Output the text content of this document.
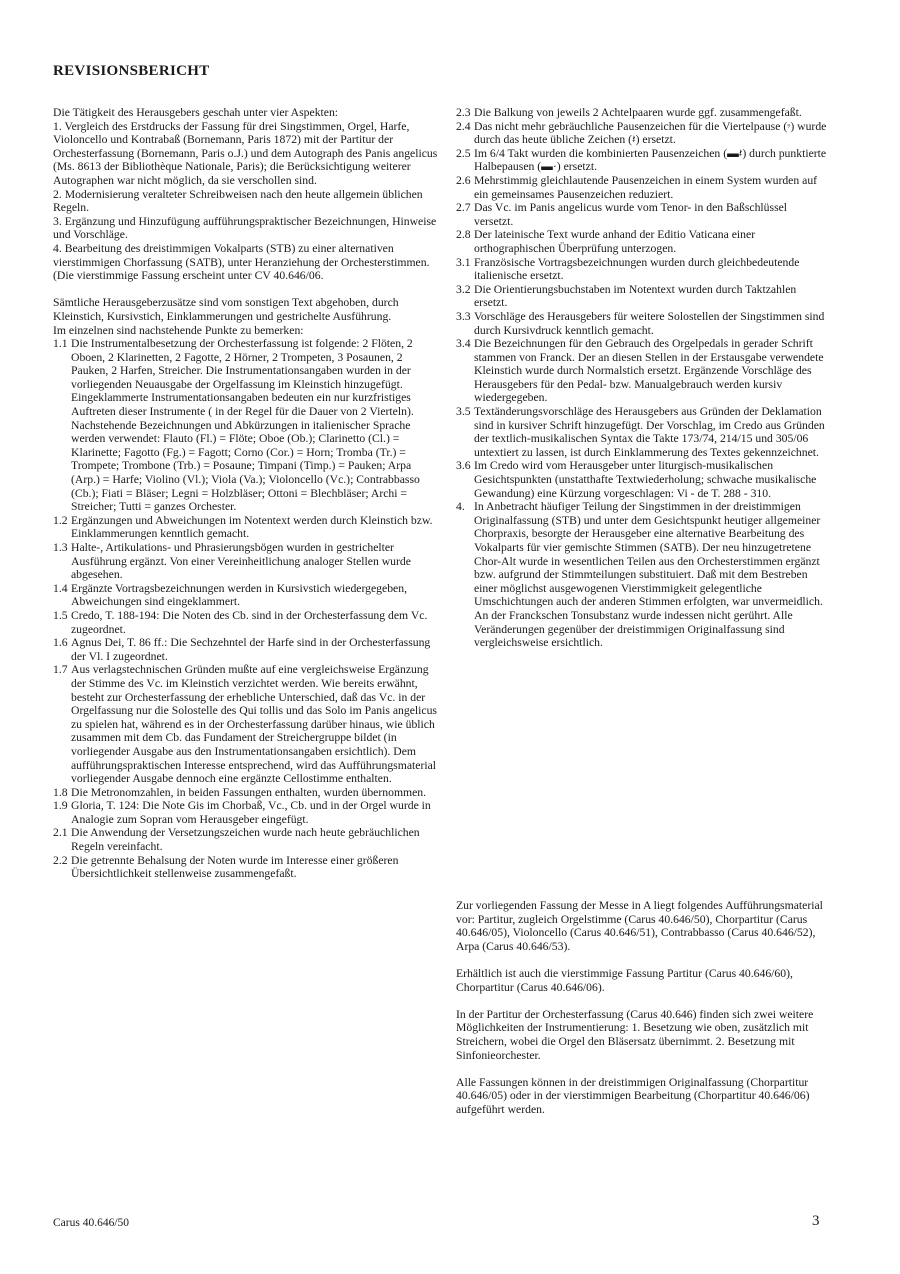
REVISIONSBERICHT

Die Tätigkeit des Herausgebers geschah unter vier Aspekten:

1. Vergleich des Erstdrucks der Fassung für drei Singstimmen, Orgel, Harfe, Violoncello und Kontrabaß (Bornemann, Paris 1872) mit der Partitur der Orchesterfassung (Bornemann, Paris o.J.) und dem Autograph des Panis angelicus (Ms. 8613 der Bibliothèque Nationale, Paris); die Berücksichtigung weiterer Autographen war nicht möglich, da sie verschollen sind.

2. Modernisierung veralteter Schreibweisen nach den heute allgemein üblichen Regeln.

3. Ergänzung und Hinzufügung aufführungspraktischer Bezeichnungen, Hinweise und Vorschläge.

4. Bearbeitung des dreistimmigen Vokalparts (STB) zu einer alternativen vierstimmigen Chorfassung (SATB), unter Heranziehung der Orchesterstimmen. (Die vierstimmige Fassung erscheint unter CV 40.646/06.

Sämtliche Herausgeberzusätze sind vom sonstigen Text abgehoben, durch Kleinstich, Kursivstich, Einklammerungen und gestrichelte Ausführung.

Im einzelnen sind nachstehende Punkte zu bemerken:

1.1 Die Instrumentalbesetzung der Orchesterfassung ist folgende: 2 Flöten, 2 Oboen, 2 Klarinetten, 2 Fagotte, 2 Hörner, 2 Trompeten, 3 Posaunen, 2 Pauken, 2 Harfen, Streicher. Die Instrumentationsangaben wurden in der vorliegenden Neuausgabe der Orgelfassung im Kleinstich hinzugefügt. Eingeklammerte Instrumentationsangaben bedeuten ein nur kurzfristiges Auftreten dieser Instrumente ( in der Regel für die Dauer von 2 Vierteln). Nachstehende Bezeichnungen und Abkürzungen in italienischer Sprache werden verwendet: Flauto (Fl.) = Flöte; Oboe (Ob.); Clarinetto (Cl.) = Klarinette; Fagotto (Fg.) = Fagott; Corno (Cor.) = Horn; Tromba (Tr.) = Trompete; Trombone (Trb.) = Posaune; Timpani (Timp.) = Pauken; Arpa (Arp.) = Harfe; Violino (Vl.); Viola (Va.); Violoncello (Vc.); Contrabbasso (Cb.); Fiati = Bläser; Legni = Holzbläser; Ottoni = Blechbläser; Archi = Streicher; Tutti = ganzes Orchester.
1.2 Ergänzungen und Abweichungen im Notentext werden durch Kleinstich bzw. Einklammerungen kenntlich gemacht.
1.3 Halte-, Artikulations- und Phrasierungsbögen wurden in gestrichelter Ausführung ergänzt. Von einer Vereinheitlichung analoger Stellen wurde abgesehen.
1.4 Ergänzte Vortragsbezeichnungen werden in Kursivstich wiedergegeben, Abweichungen sind eingeklammert.
1.5 Credo, T. 188-194: Die Noten des Cb. sind in der Orchesterfassung dem Vc. zugeordnet.
1.6 Agnus Dei, T. 86 ff.: Die Sechzehntel der Harfe sind in der Orchesterfassung der Vl. I zugeordnet.
1.7 Aus verlagstechnischen Gründen mußte auf eine vergleichsweise Ergänzung der Stimme des Vc. im Kleinstich verzichtet werden. Wie bereits erwähnt, besteht zur Orchesterfassung der erhebliche Unterschied, daß das Vc. in der Orgelfassung nur die Solostelle des Qui tollis und das Solo im Panis angelicus zu spielen hat, während es in der Orchesterfassung darüber hinaus, wie üblich zusammen mit dem Cb. das Fundament der Streichergruppe bildet (in vorliegender Ausgabe aus den Instrumentationsangaben ersichtlich). Dem aufführungspraktischen Interesse entsprechend, wird das Aufführungsmaterial vorliegender Ausgabe dennoch eine ergänzte Cellostimme enthalten.
1.8 Die Metronomzahlen, in beiden Fassungen enthalten, wurden übernommen.
1.9 Gloria, T. 124: Die Note Gis im Chorbaß, Vc., Cb. und in der Orgel wurde in Analogie zum Sopran vom Herausgeber eingefügt.
2.1 Die Anwendung der Versetzungszeichen wurde nach heute gebräuchlichen Regeln vereinfacht.
2.2 Die getrennte Behalsung der Noten wurde im Interesse einer größeren Übersichtlichkeit stellenweise zusammengefaßt.
2.3 Die Balkung von jeweils 2 Achtelpaaren wurde ggf. zusammengefaßt.
2.4 Das nicht mehr gebräuchliche Pausenzeichen für die Viertelpause (𝄾) wurde durch das heute übliche Zeichen (𝄽) ersetzt.
2.5 Im 6/4 Takt wurden die kombinierten Pausenzeichen (▬𝄽) durch punktierte Halbepausen (▬·) ersetzt.
2.6 Mehrstimmig gleichlautende Pausenzeichen in einem System wurden auf ein gemeinsames Pausenzeichen reduziert.
2.7 Das Vc. im Panis angelicus wurde vom Tenor- in den Baßschlüssel versetzt.
2.8 Der lateinische Text wurde anhand der Editio Vaticana einer orthographischen Überprüfung unterzogen.
3.1 Französische Vortragsbezeichnungen wurden durch gleichbedeutende italienische ersetzt.
3.2 Die Orientierungsbuchstaben im Notentext wurden durch Taktzahlen ersetzt.
3.3 Vorschläge des Herausgebers für weitere Solostellen der Singstimmen sind durch Kursivdruck kenntlich gemacht.
3.4 Die Bezeichnungen für den Gebrauch des Orgelpedals in gerader Schrift stammen von Franck. Der an diesen Stellen in der Erstausgabe verwendete Kleinstich wurde durch Normalstich ersetzt. Ergänzende Vorschläge des Herausgebers für den Pedal- bzw. Manualgebrauch werden kursiv wiedergegeben.
3.5 Textänderungsvorschläge des Herausgebers aus Gründen der Deklamation sind in kursiver Schrift hinzugefügt. Der Vorschlag, im Credo aus Gründen der textlich-musikalischen Syntax die Takte 173/74, 214/15 und 305/06 untextiert zu lassen, ist durch Einklammerung des Textes gekennzeichnet.
3.6 Im Credo wird vom Herausgeber unter liturgisch-musikalischen Gesichtspunkten (unstatthafte Textwiederholung; schwache musikalische Gewandung) eine Kürzung vorgeschlagen: Vi - de T. 288 - 310.
4. In Anbetracht häufiger Teilung der Singstimmen in der dreistimmigen Originalfassung (STB) und unter dem Gesichtspunkt heutiger allgemeiner Chorpraxis, besorgte der Herausgeber eine alternative Bearbeitung des Vokalparts für vier gemischte Stimmen (SATB). Der neu hinzugetretene Chor-Alt wurde in wesentlichen Teilen aus den Orchesterstimmen ergänzt bzw. aufgrund der Stimmteilungen substituiert. Daß mit dem Bestreben einer möglichst ausgewogenen Vierstimmigkeit gelegentliche Umschichtungen auch der anderen Stimmen erfolgten, war unvermeidlich. An der Franckschen Tonsubstanz wurde indessen nicht gerührt. Alle Veränderungen gegenüber der dreistimmigen Originalfassung sind vergleichsweise ersichtlich.

Zur vorliegenden Fassung der Messe in A liegt folgendes Aufführungsmaterial vor: Partitur, zugleich Orgelstimme (Carus 40.646/50), Chorpartitur (Carus 40.646/05), Violoncello (Carus 40.646/51), Contrabbasso (Carus 40.646/52), Arpa (Carus 40.646/53).

Erhältlich ist auch die vierstimmige Fassung Partitur (Carus 40.646/60), Chorpartitur (Carus 40.646/06).

In der Partitur der Orchesterfassung (Carus 40.646) finden sich zwei weitere Möglichkeiten der Instrumentierung: 1. Besetzung wie oben, zusätzlich mit Streichern, wobei die Orgel den Bläsersatz übernimmt. 2. Besetzung mit Sinfonieorchester.

Alle Fassungen können in der dreistimmigen Originalfassung (Chorpartitur 40.646/05) oder in der vierstimmigen Bearbeitung (Chorpartitur 40.646/06) aufgeführt werden.

Carus 40.646/50	3
